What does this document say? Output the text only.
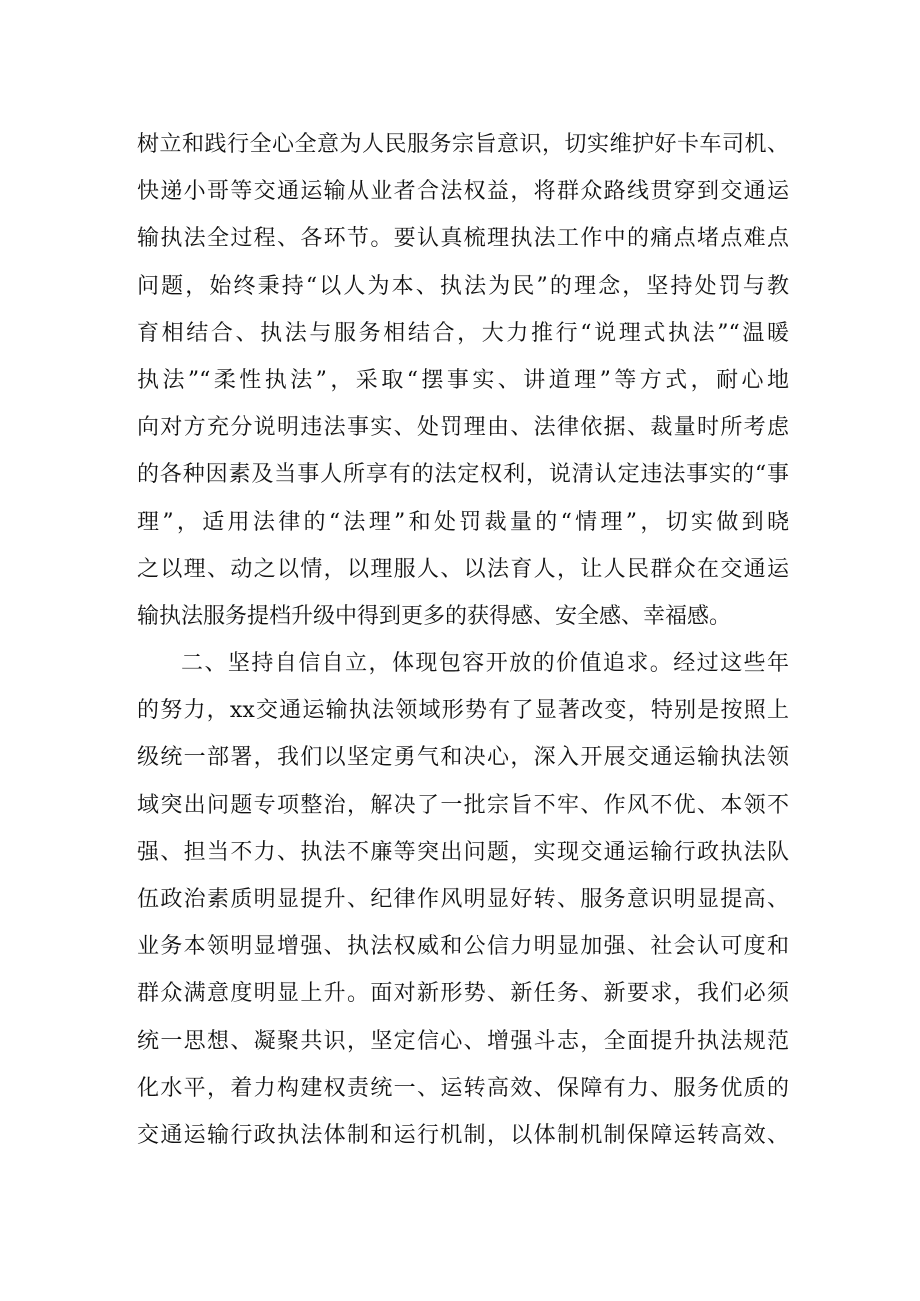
树立和践行全心全意为人民服务宗旨意识，切实维护好卡车司机、
快递小哥等交通运输从业者合法权益，将群众路线贯穿到交通运
输执法全过程、各环节。要认真梳理执法工作中的痛点堵点难点
问题，始终秉持“以人为本、执法为民”的理念，坚持处罚与教
育相结合、执法与服务相结合，大力推行“说理式执法”“温暖
执法”“柔性执法”，采取“摆事实、讲道理”等方式，耐心地
向对方充分说明违法事实、处罚理由、法律依据、裁量时所考虑
的各种因素及当事人所享有的法定权利，说清认定违法事实的“事
理”，适用法律的“法理”和处罚裁量的“情理”，切实做到晓
之以理、动之以情，以理服人、以法育人，让人民群众在交通运
输执法服务提档升级中得到更多的获得感、安全感、幸福感。
二、坚持自信自立，体现包容开放的价值追求。经过这些年
的努力，xx交通运输执法领域形势有了显著改变，特别是按照上
级统一部署，我们以坚定勇气和决心，深入开展交通运输执法领
域突出问题专项整治，解决了一批宗旨不牢、作风不优、本领不
强、担当不力、执法不廉等突出问题，实现交通运输行政执法队
伍政治素质明显提升、纪律作风明显好转、服务意识明显提高、
业务本领明显增强、执法权威和公信力明显加强、社会认可度和
群众满意度明显上升。面对新形势、新任务、新要求，我们必须
统一思想、凝聚共识，坚定信心、增强斗志，全面提升执法规范
化水平，着力构建权责统一、运转高效、保障有力、服务优质的
交通运输行政执法体制和运行机制，以体制机制保障运转高效、
